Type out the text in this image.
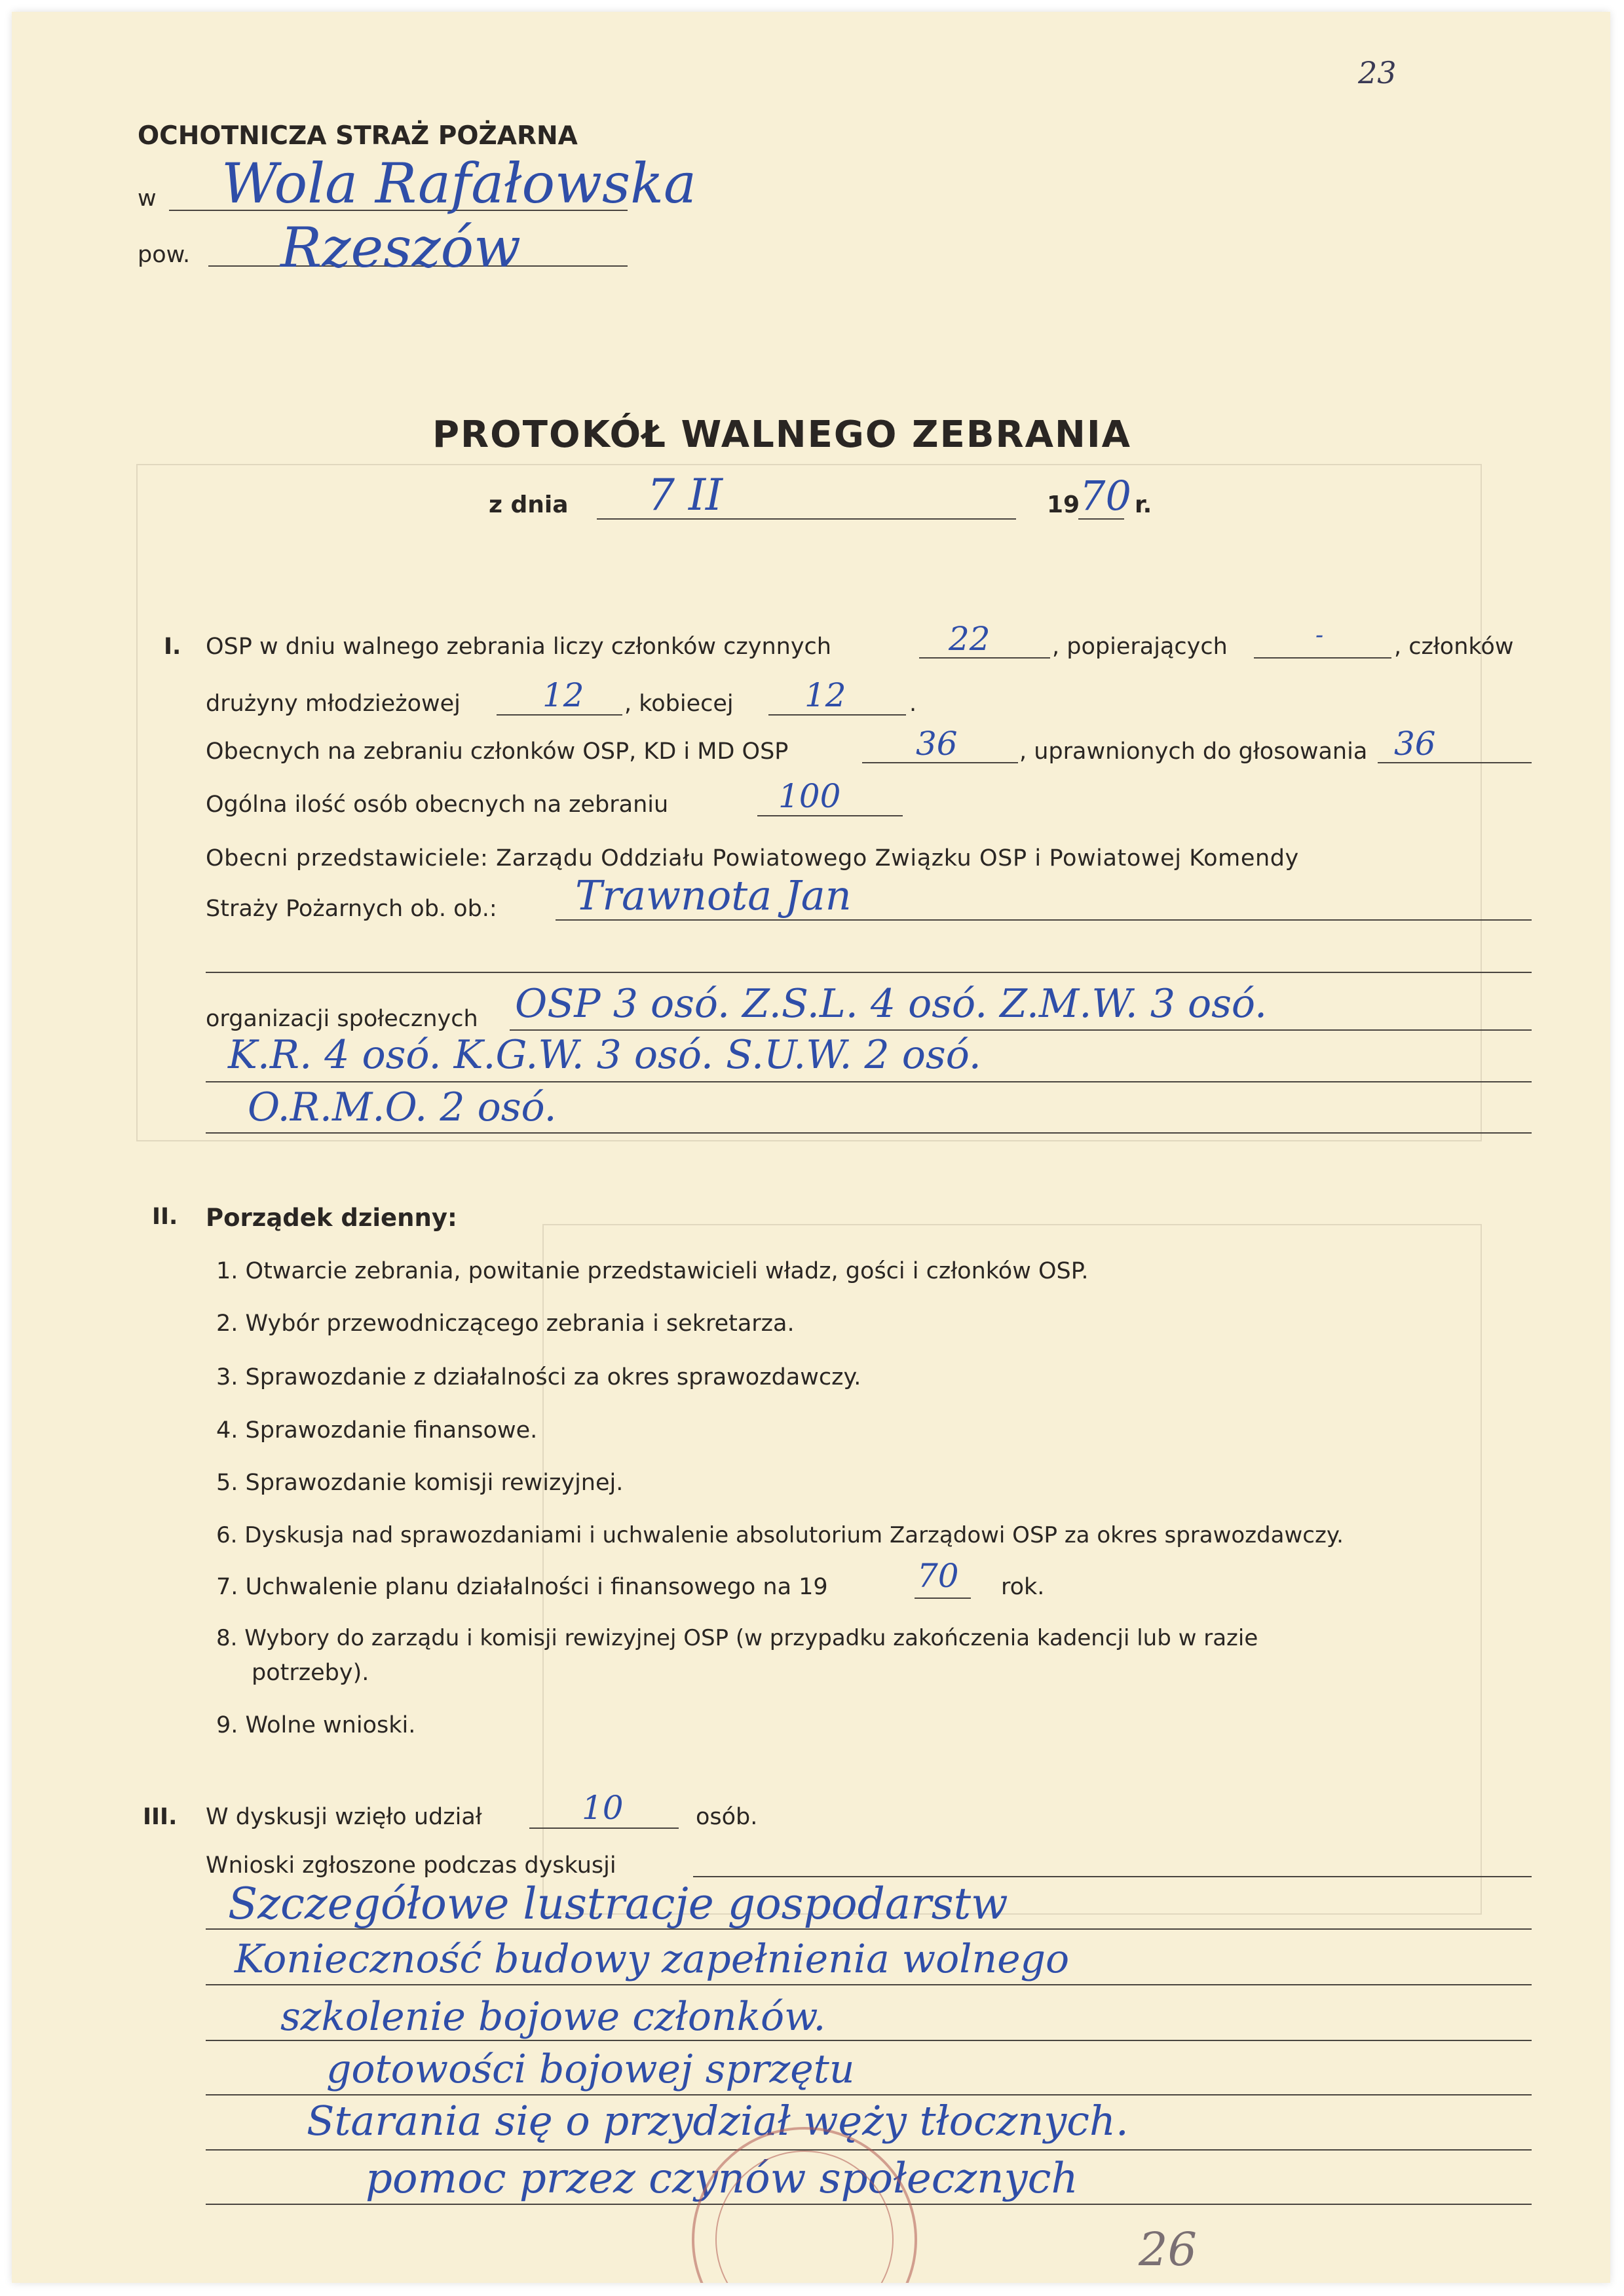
23
OCHOTNICZA STRAŻ POŻARNA
w Wola Rafałowska
pow. Rzeszów
PROTOKÓŁ WALNEGO ZEBRANIA
z dnia 7 II	19 70 r.
I. OSP w dniu walnego zebrania liczy członków czynnych	22	, popierających	-	, członków
drużyny młodzieżowej	12 , kobiecej 12	.
Obecnych na zebraniu członków OSP, KD i MD OSP	36	, uprawnionych do głosowania 36
Ogólna ilość osób obecnych na zebraniu	100
Obecni przedstawiciele: Zarządu Oddziału Powiatowego Związku OSP i Powiatowej Komendy
Straży Pożarnych ob. ob.: Trawnota Jan
organizacji społecznych OSP 3 osó. Z.S.L. 4 osó. Z.M.W. 3 osó.
K.R. 4 osó. K.G.W. 3 osó. S.U.W. 2 osó.
O.R.M.O. 2 osó.
II. Porządek dzienny:
1. Otwarcie zebrania, powitanie przedstawicieli władz, gości i członków OSP.
2. Wybór przewodniczącego zebrania i sekretarza.
3. Sprawozdanie z działalności za okres sprawozdawczy.
4. Sprawozdanie finansowe.
5. Sprawozdanie komisji rewizyjnej.
6. Dyskusja nad sprawozdaniami i uchwalenie absolutorium Zarządowi OSP za okres sprawozdawczy.
7. Uchwalenie planu działalności i finansowego na 19	70 rok.
8. Wybory do zarządu i komisji rewizyjnej OSP (w przypadku zakończenia kadencji lub w razie
potrzeby).
9. Wolne wnioski.
III. W dyskusji wzięło udział	10	osób.
Wnioski zgłoszone podczas dyskusji
Szczegółowe lustracje gospodarstw
Konieczność budowy zapełnienia wolnego
szkolenie bojowe członków.
gotowości bojowej sprzętu
Starania się o przydział węży tłocznych.
pomoc przez czynów społecznych
26
